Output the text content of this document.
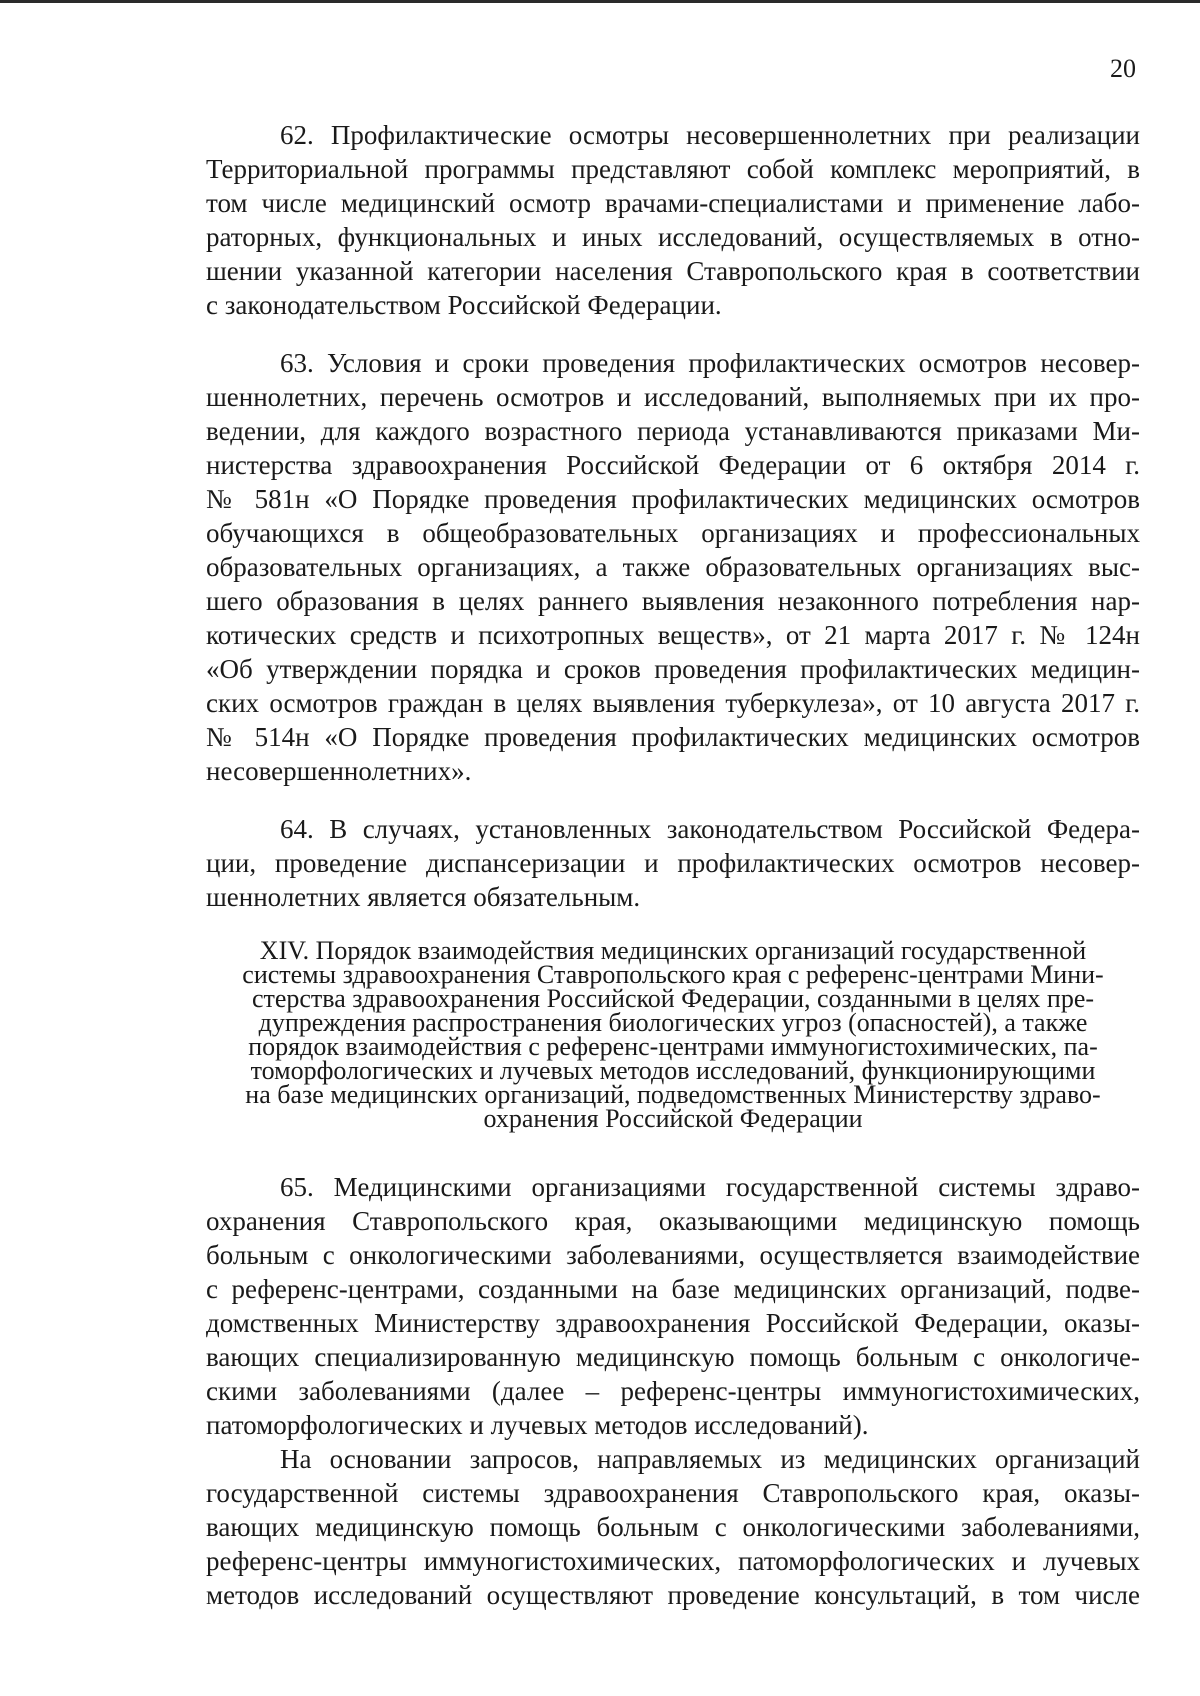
20
62. Профилактические осмотры несовершеннолетних при реализации
Территориальной программы представляют собой комплекс мероприятий, в
том числе медицинский осмотр врачами-специалистами и применение лабо-
раторных, функциональных и иных исследований, осуществляемых в отно-
шении указанной категории населения Ставропольского края в соответствии
с законодательством Российской Федерации.
63. Условия и сроки проведения профилактических осмотров несовер-
шеннолетних, перечень осмотров и исследований, выполняемых при их про-
ведении, для каждого возрастного периода устанавливаются приказами Ми-
нистерства здравоохранения Российской Федерации от 6 октября 2014 г.
№ 581н «О Порядке проведения профилактических медицинских осмотров
обучающихся в общеобразовательных организациях и профессиональных
образовательных организациях, а также образовательных организациях выс-
шего образования в целях раннего выявления незаконного потребления нар-
котических средств и психотропных веществ», от 21 марта 2017 г. № 124н
«Об утверждении порядка и сроков проведения профилактических медицин-
ских осмотров граждан в целях выявления туберкулеза», от 10 августа 2017 г.
№ 514н «О Порядке проведения профилактических медицинских осмотров
несовершеннолетних».
64. В случаях, установленных законодательством Российской Федера-
ции, проведение диспансеризации и профилактических осмотров несовер-
шеннолетних является обязательным.
XIV. Порядок взаимодействия медицинских организаций государственной
системы здравоохранения Ставропольского края с референс-центрами Мини-
стерства здравоохранения Российской Федерации, созданными в целях пре-
дупреждения распространения биологических угроз (опасностей), а также
порядок взаимодействия с референс-центрами иммуногистохимических, па-
томорфологических и лучевых методов исследований, функционирующими
на базе медицинских организаций, подведомственных Министерству здраво-
охранения Российской Федерации
65. Медицинскими организациями государственной системы здраво-
охранения Ставропольского края, оказывающими медицинскую помощь
больным с онкологическими заболеваниями, осуществляется взаимодействие
с референс-центрами, созданными на базе медицинских организаций, подве-
домственных Министерству здравоохранения Российской Федерации, оказы-
вающих специализированную медицинскую помощь больным с онкологиче-
скими заболеваниями (далее – референс-центры иммуногистохимических,
патоморфологических и лучевых методов исследований).
На основании запросов, направляемых из медицинских организаций
государственной системы здравоохранения Ставропольского края, оказы-
вающих медицинскую помощь больным с онкологическими заболеваниями,
референс-центры иммуногистохимических, патоморфологических и лучевых
методов исследований осуществляют проведение консультаций, в том числе
